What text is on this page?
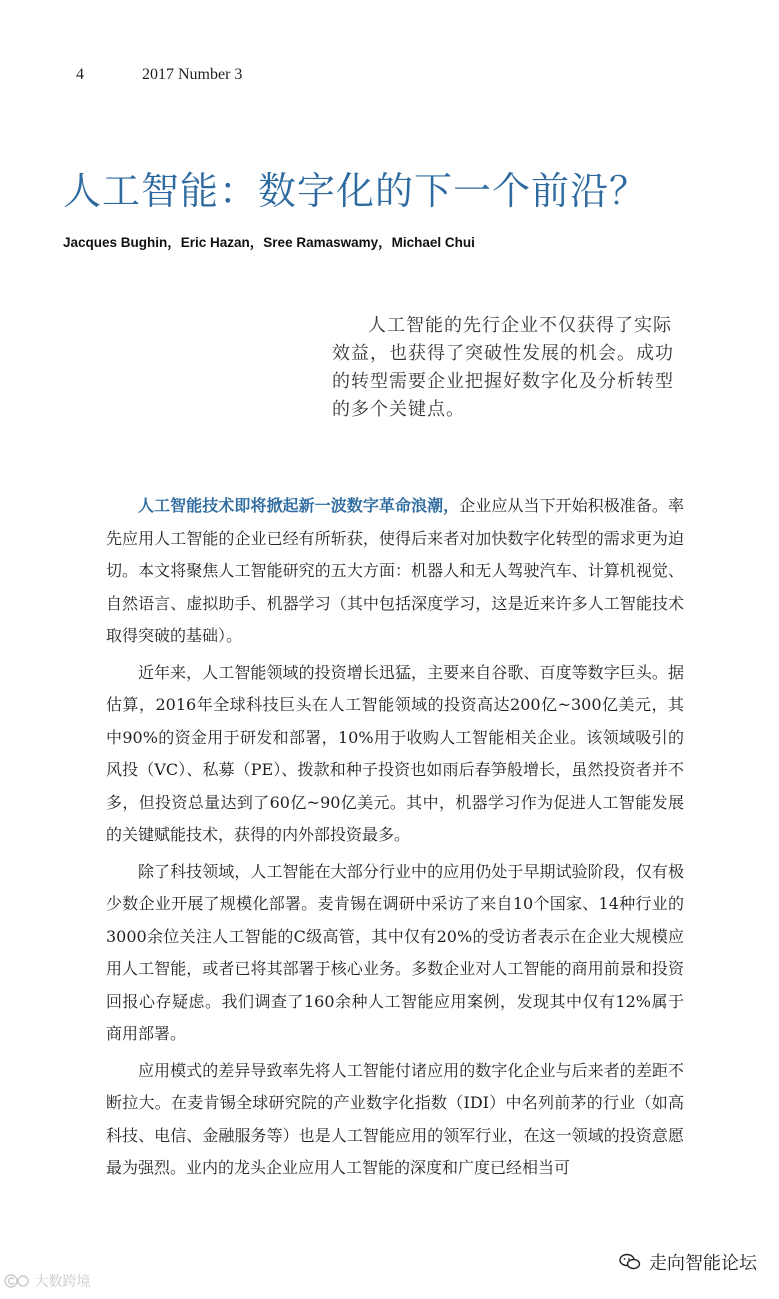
4	2017 Number 3
人工智能：数字化的下一个前沿？
Jacques Bughin，Eric Hazan，Sree Ramaswamy，Michael Chui
人工智能的先行企业不仅获得了实际效益，也获得了突破性发展的机会。成功的转型需要企业把握好数字化及分析转型的多个关键点。

人工智能技术即将掀起新一波数字革命浪潮，企业应从当下开始积极准备。率先应用人工智能的企业已经有所斩获，使得后来者对加快数字化转型的需求更为迫切。本文将聚焦人工智能研究的五大方面：机器人和无人驾驶汽车、计算机视觉、自然语言、虚拟助手、机器学习（其中包括深度学习，这是近来许多人工智能技术取得突破的基础）。

近年来，人工智能领域的投资增长迅猛，主要来自谷歌、百度等数字巨头。据估算，2016年全球科技巨头在人工智能领域的投资高达200亿~300亿美元，其中90%的资金用于研发和部署，10%用于收购人工智能相关企业。该领域吸引的风投（VC）、私募（PE）、拨款和种子投资也如雨后春笋般增长，虽然投资者并不多，但投资总量达到了60亿~90亿美元。其中，机器学习作为促进人工智能发展的关键赋能技术，获得的内外部投资最多。

除了科技领域，人工智能在大部分行业中的应用仍处于早期试验阶段，仅有极少数企业开展了规模化部署。麦肯锡在调研中采访了来自10个国家、14种行业的3000余位关注人工智能的C级高管，其中仅有20%的受访者表示在企业大规模应用人工智能，或者已将其部署于核心业务。多数企业对人工智能的商用前景和投资回报心存疑虑。我们调查了160余种人工智能应用案例，发现其中仅有12%属于商用部署。

应用模式的差异导致率先将人工智能付诸应用的数字化企业与后来者的差距不断拉大。在麦肯锡全球研究院的产业数字化指数（IDI）中名列前茅的行业（如高科技、电信、金融服务等）也是人工智能应用的领军行业，在这一领域的投资意愿最为强烈。业内的龙头企业应用人工智能的深度和广度已经相当可

大数跨境
走向智能论坛
